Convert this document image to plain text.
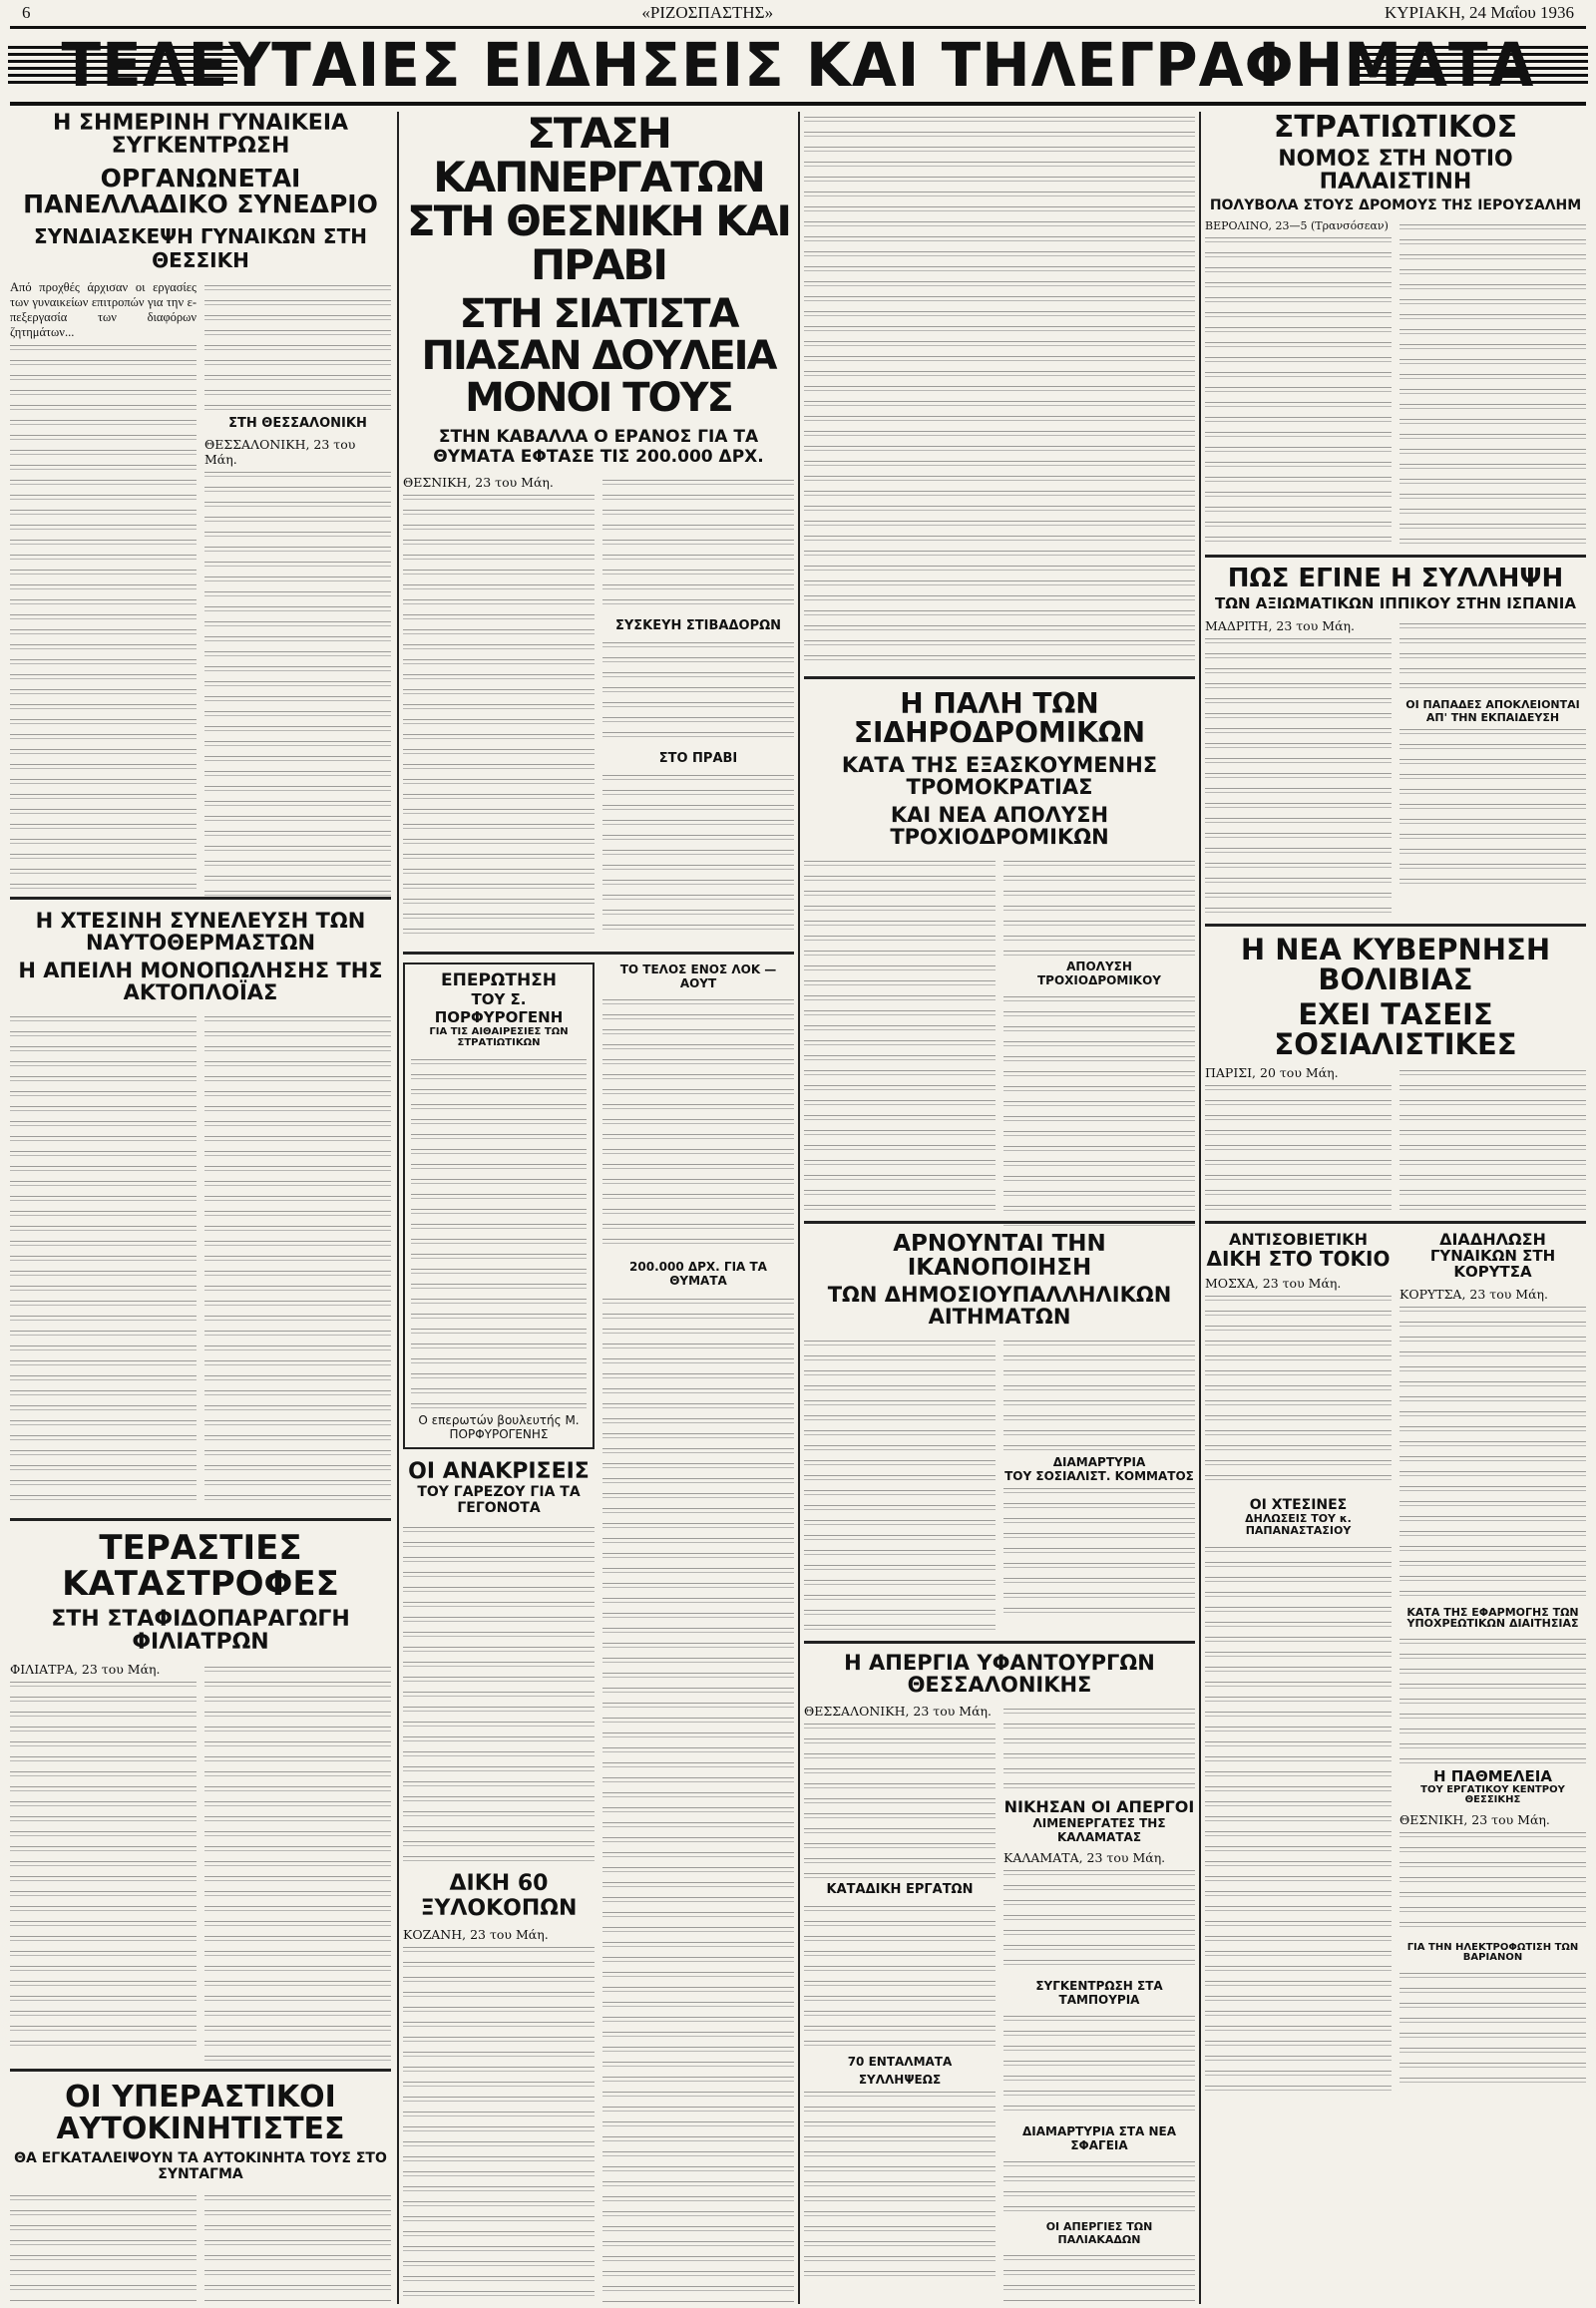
6	«ΡΙΖΟΣΠΑΣΤΗΣ»	ΚΥΡΙΑΚΗ, 24 Μαΐου 1936
ΤΕΛΕΥΤΑΙΕΣ ΕΙΔΗΣΕΙΣ ΚΑΙ ΤΗΛΕΓΡΑΦΗΜΑΤΑ
Η ΣΗΜΕΡΙΝΗ ΓΥΝΑΙΚΕΙΑ ΣΥΓΚΕΝΤΡΩΣΗ
ΟΡΓΑΝΩΝΕΤΑΙ ΠΑΝΕΛΛΑΔΙΚΟ ΣΥΝΕΔΡΙΟ
ΣΥΝΔΙΑΣΚΕΨΗ ΓΥΝΑΙΚΩΝ ΣΤΗ ΘΕΣΣΙΚΗ

Από προχθές άρχισαν οι εργασίες των γυναικείων επιτροπών για την ε-πεξεργασία των διαφόρων ζητημάτων...

ΣΤΗ ΘΕΣΣΑΛΟΝΙΚΗ
ΘΕΣΣΑΛΟΝΙΚΗ, 23 του Μάη.
Η ΧΤΕΣΙΝΗ ΣΥΝΕΛΕΥΣΗ ΤΩΝ ΝΑΥΤΟΘΕΡΜΑΣΤΩΝ
Η ΑΠΕΙΛΗ ΜΟΝΟΠΩΛΗΣΗΣ ΤΗΣ ΑΚΤΟΠΛΟΪΑΣ
ΤΕΡΑΣΤΙΕΣ ΚΑΤΑΣΤΡΟΦΕΣ
ΣΤΗ ΣΤΑΦΙΔΟΠΑΡΑΓΩΓΗ ΦΙΛΙΑΤΡΩΝ
ΦΙΛΙΑΤΡΑ, 23 του Μάη.
ΟΙ ΥΠΕΡΑΣΤΙΚΟΙ ΑΥΤΟΚΙΝΗΤΙΣΤΕΣ
ΘΑ ΕΓΚΑΤΑΛΕΙΨΟΥΝ ΤΑ ΑΥΤΟΚΙΝΗΤΑ ΤΟΥΣ ΣΤΟ ΣΥΝΤΑΓΜΑ
ΣΤΑΣΗ ΚΑΠΝΕΡΓΑΤΩΝ ΣΤΗ ΘΕΣΝΙΚΗ ΚΑΙ ΠΡΑΒΙ
ΣΤΗ ΣΙΑΤΙΣΤΑ ΠΙΑΣΑΝ ΔΟΥΛΕΙΑ ΜΟΝΟΙ ΤΟΥΣ
ΣΤΗΝ ΚΑΒΑΛΛΑ Ο ΕΡΑΝΟΣ ΓΙΑ ΤΑ ΘΥΜΑΤΑ ΕΦΤΑΣΕ ΤΙΣ 200.000 ΔΡΧ.
ΘΕΣΝΙΚΗ, 23 του Μάη.
ΣΥΣΚΕΥΗ ΣΤΙΒΑΔΟΡΩΝ
ΣΤΟ ΠΡΑΒΙ
ΕΠΕΡΩΤΗΣΗ
ΤΟΥ Σ. ΠΟΡΦΥΡΟΓΕΝΗ
ΓΙΑ ΤΙΣ ΑΙΘΑΙΡΕΣΙΕΣ ΤΩΝ ΣΤΡΑΤΙΩΤΙΚΩΝ
Ο επερωτών βουλευτής Μ. ΠΟΡΦΥΡΟΓΕΝΗΣ
ΟΙ ΑΝΑΚΡΙΣΕΙΣ
ΤΟΥ ΓΑΡΕΖΟΥ ΓΙΑ ΤΑ ΓΕΓΟΝΟΤΑ
ΔΙΚΗ 60 ΞΥΛΟΚΟΠΩΝ
ΚΟΖΑΝΗ, 23 του Μάη.
ΤΟ ΤΕΛΟΣ ΕΝΟΣ ΛΟΚ — ΑΟΥΤ
200.000 ΔΡΧ. ΓΙΑ ΤΑ ΘΥΜΑΤΑ
Η ΠΑΛΗ ΤΩΝ ΣΙΔΗΡΟΔΡΟΜΙΚΩΝ
ΚΑΤΑ ΤΗΣ ΕΞΑΣΚΟΥΜΕΝΗΣ ΤΡΟΜΟΚΡΑΤΙΑΣ
ΚΑΙ ΝΕΑ ΑΠΟΛΥΣΗ ΤΡΟΧΙΟΔΡΟΜΙΚΩΝ
ΑΠΟΛΥΣΗ ΤΡΟΧΙΟΔΡΟΜΙΚΟΥ
ΑΡΝΟΥΝΤΑΙ ΤΗΝ ΙΚΑΝΟΠΟΙΗΣΗ
ΤΩΝ ΔΗΜΟΣΙΟΥΠΑΛΛΗΛΙΚΩΝ ΑΙΤΗΜΑΤΩΝ
ΔΙΑΜΑΡΤΥΡΙΑ
ΤΟΥ ΣΟΣΙΑΛΙΣΤ. ΚΟΜΜΑΤΟΣ
Η ΑΠΕΡΓΙΑ ΥΦΑΝΤΟΥΡΓΩΝ ΘΕΣΣΑΛΟΝΙΚΗΣ
ΘΕΣΣΑΛΟΝΙΚΗ, 23 του Μάη.
ΚΑΤΑΔΙΚΗ ΕΡΓΑΤΩΝ
70 ΕΝΤΑΛΜΑΤΑ
ΣΥΛΛΗΨΕΩΣ
ΝΙΚΗΣΑΝ ΟΙ ΑΠΕΡΓΟΙ
ΛΙΜΕΝΕΡΓΑΤΕΣ ΤΗΣ ΚΑΛΑΜΑΤΑΣ
ΚΑΛΑΜΑΤΑ, 23 του Μάη.
ΣΥΓΚΕΝΤΡΩΣΗ ΣΤΑ ΤΑΜΠΟΥΡΙΑ
ΔΙΑΜΑΡΤΥΡΙΑ ΣΤΑ ΝΕΑ ΣΦΑΓΕΙΑ
ΟΙ ΑΠΕΡΓΙΕΣ ΤΩΝ ΠΑΛΙΑΚΑΔΩΝ
ΣΤΡΑΤΙΩΤΙΚΟΣ
ΝΟΜΟΣ ΣΤΗ ΝΟΤΙΟ ΠΑΛΑΙΣΤΙΝΗ
ΠΟΛΥΒΟΛΑ ΣΤΟΥΣ ΔΡΟΜΟΥΣ ΤΗΣ ΙΕΡΟΥΣΑΛΗΜ
ΒΕΡΟΛΙΝΟ, 23—5 (Τρανσόσεαν)
ΠΩΣ ΕΓΙΝΕ Η ΣΥΛΛΗΨΗ
ΤΩΝ ΑΞΙΩΜΑΤΙΚΩΝ ΙΠΠΙΚΟΥ ΣΤΗΝ ΙΣΠΑΝΙΑ
ΜΑΔΡΙΤΗ, 23 του Μάη.
ΟΙ ΠΑΠΑΔΕΣ ΑΠΟΚΛΕΙΟΝΤΑΙ
ΑΠ' ΤΗΝ ΕΚΠΑΙΔΕΥΣΗ
Η ΝΕΑ ΚΥΒΕΡΝΗΣΗ ΒΟΛΙΒΙΑΣ
ΕΧΕΙ ΤΑΣΕΙΣ ΣΟΣΙΑΛΙΣΤΙΚΕΣ
ΠΑΡΙΣΙ, 20 του Μάη.
ΑΝΤΙΣΟΒΙΕΤΙΚΗ
ΔΙΚΗ ΣΤΟ ΤΟΚΙΟ
ΜΟΣΧΑ, 23 του Μάη.
ΟΙ ΧΤΕΣΙΝΕΣ
ΔΗΛΩΣΕΙΣ ΤΟΥ κ. ΠΑΠΑΝΑΣΤΑΣΙΟΥ
ΔΙΑΔΗΛΩΣΗ
ΓΥΝΑΙΚΩΝ ΣΤΗ ΚΟΡΥΤΣΑ
ΚΟΡΥΤΣΑ, 23 του Μάη.
ΚΑΤΑ ΤΗΣ ΕΦΑΡΜΟΓΗΣ ΤΩΝ ΥΠΟΧΡΕΩΤΙΚΩΝ ΔΙΑΙΤΗΣΙΑΣ
Η ΠΑΘΜΕΛΕΙΑ
ΤΟΥ ΕΡΓΑΤΙΚΟΥ ΚΕΝΤΡΟΥ ΘΕΣΣΙΚΗΣ
ΘΕΣΝΙΚΗ, 23 του Μάη.
ΓΙΑ ΤΗΝ ΗΛΕΚΤΡΟΦΩΤΙΣΗ ΤΩΝ ΒΑΡΙΑΝΟΝ
